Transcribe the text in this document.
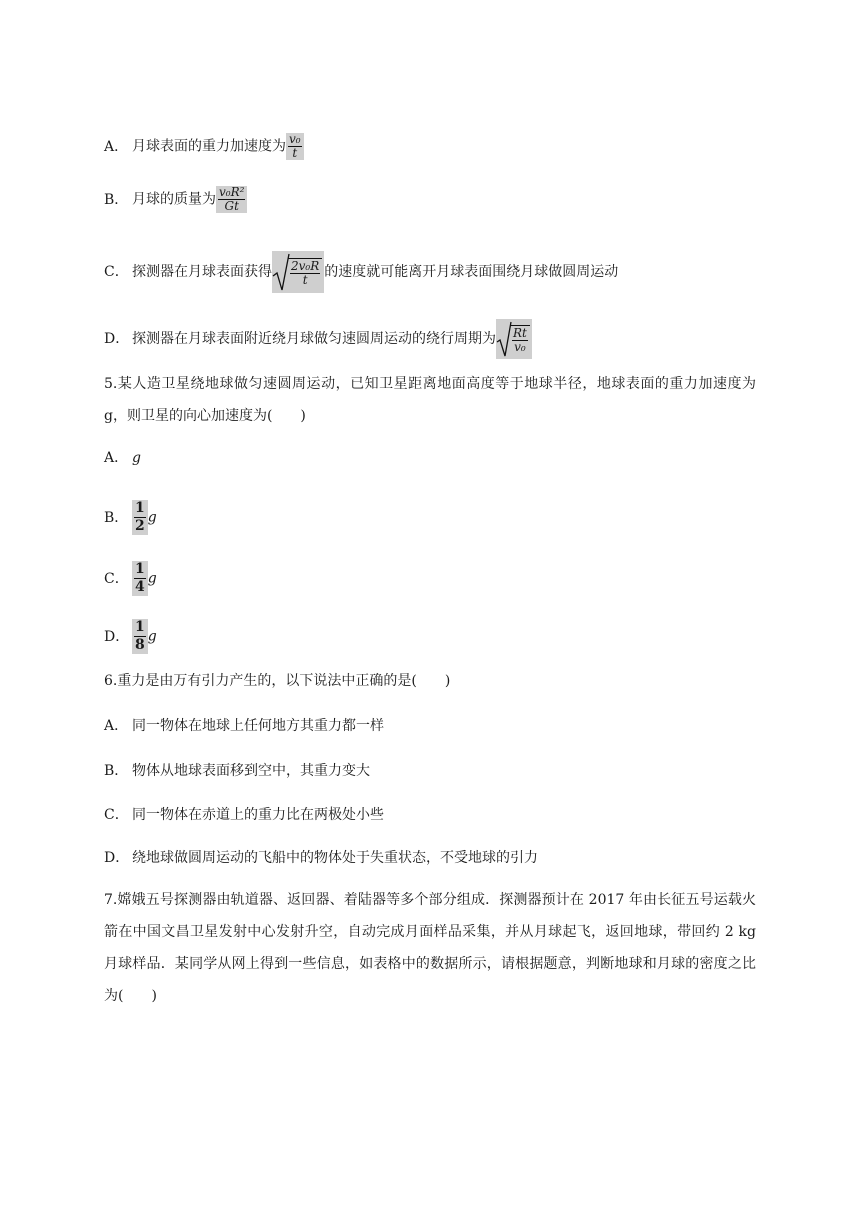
A． 月球表面的重力加速度为 $\frac{\text{v₀}}{t}$
B． 月球的质量为 $\frac{\text{v₀R²}}{Gt}$
C． 探测器在月球表面获得 $\frac{\text{2v₀R}}{t}$ 的速度就可能离开月球表面围绕月球做圆周运动
D． 探测器在月球表面附近绕月球做匀速圆周运动的绕行周期为 $\frac{Rt}{\text{v₀}}$
5.某人造卫星绕地球做匀速圆周运动，已知卫星距离地面高度等于地球半径，地球表面的重力加速度为 g，则卫星的向心加速度为(　　)
A． g
B． $\frac{1}{2}$ g
C． $\frac{1}{4}$ g
D． $\frac{1}{8}$ g
6.重力是由万有引力产生的，以下说法中正确的是(　　)
A． 同一物体在地球上任何地方其重力都一样
B． 物体从地球表面移到空中，其重力变大
C． 同一物体在赤道上的重力比在两极处小些
D． 绕地球做圆周运动的飞船中的物体处于失重状态，不受地球的引力
7.嫦娥五号探测器由轨道器、返回器、着陆器等多个部分组成．探测器预计在 2017 年由长征五号运载火箭在中国文昌卫星发射中心发射升空，自动完成月面样品采集，并从月球起飞，返回地球，带回约 2 kg 月球样品．某同学从网上得到一些信息，如表格中的数据所示，请根据题意，判断地球和月球的密度之比为(　　)
